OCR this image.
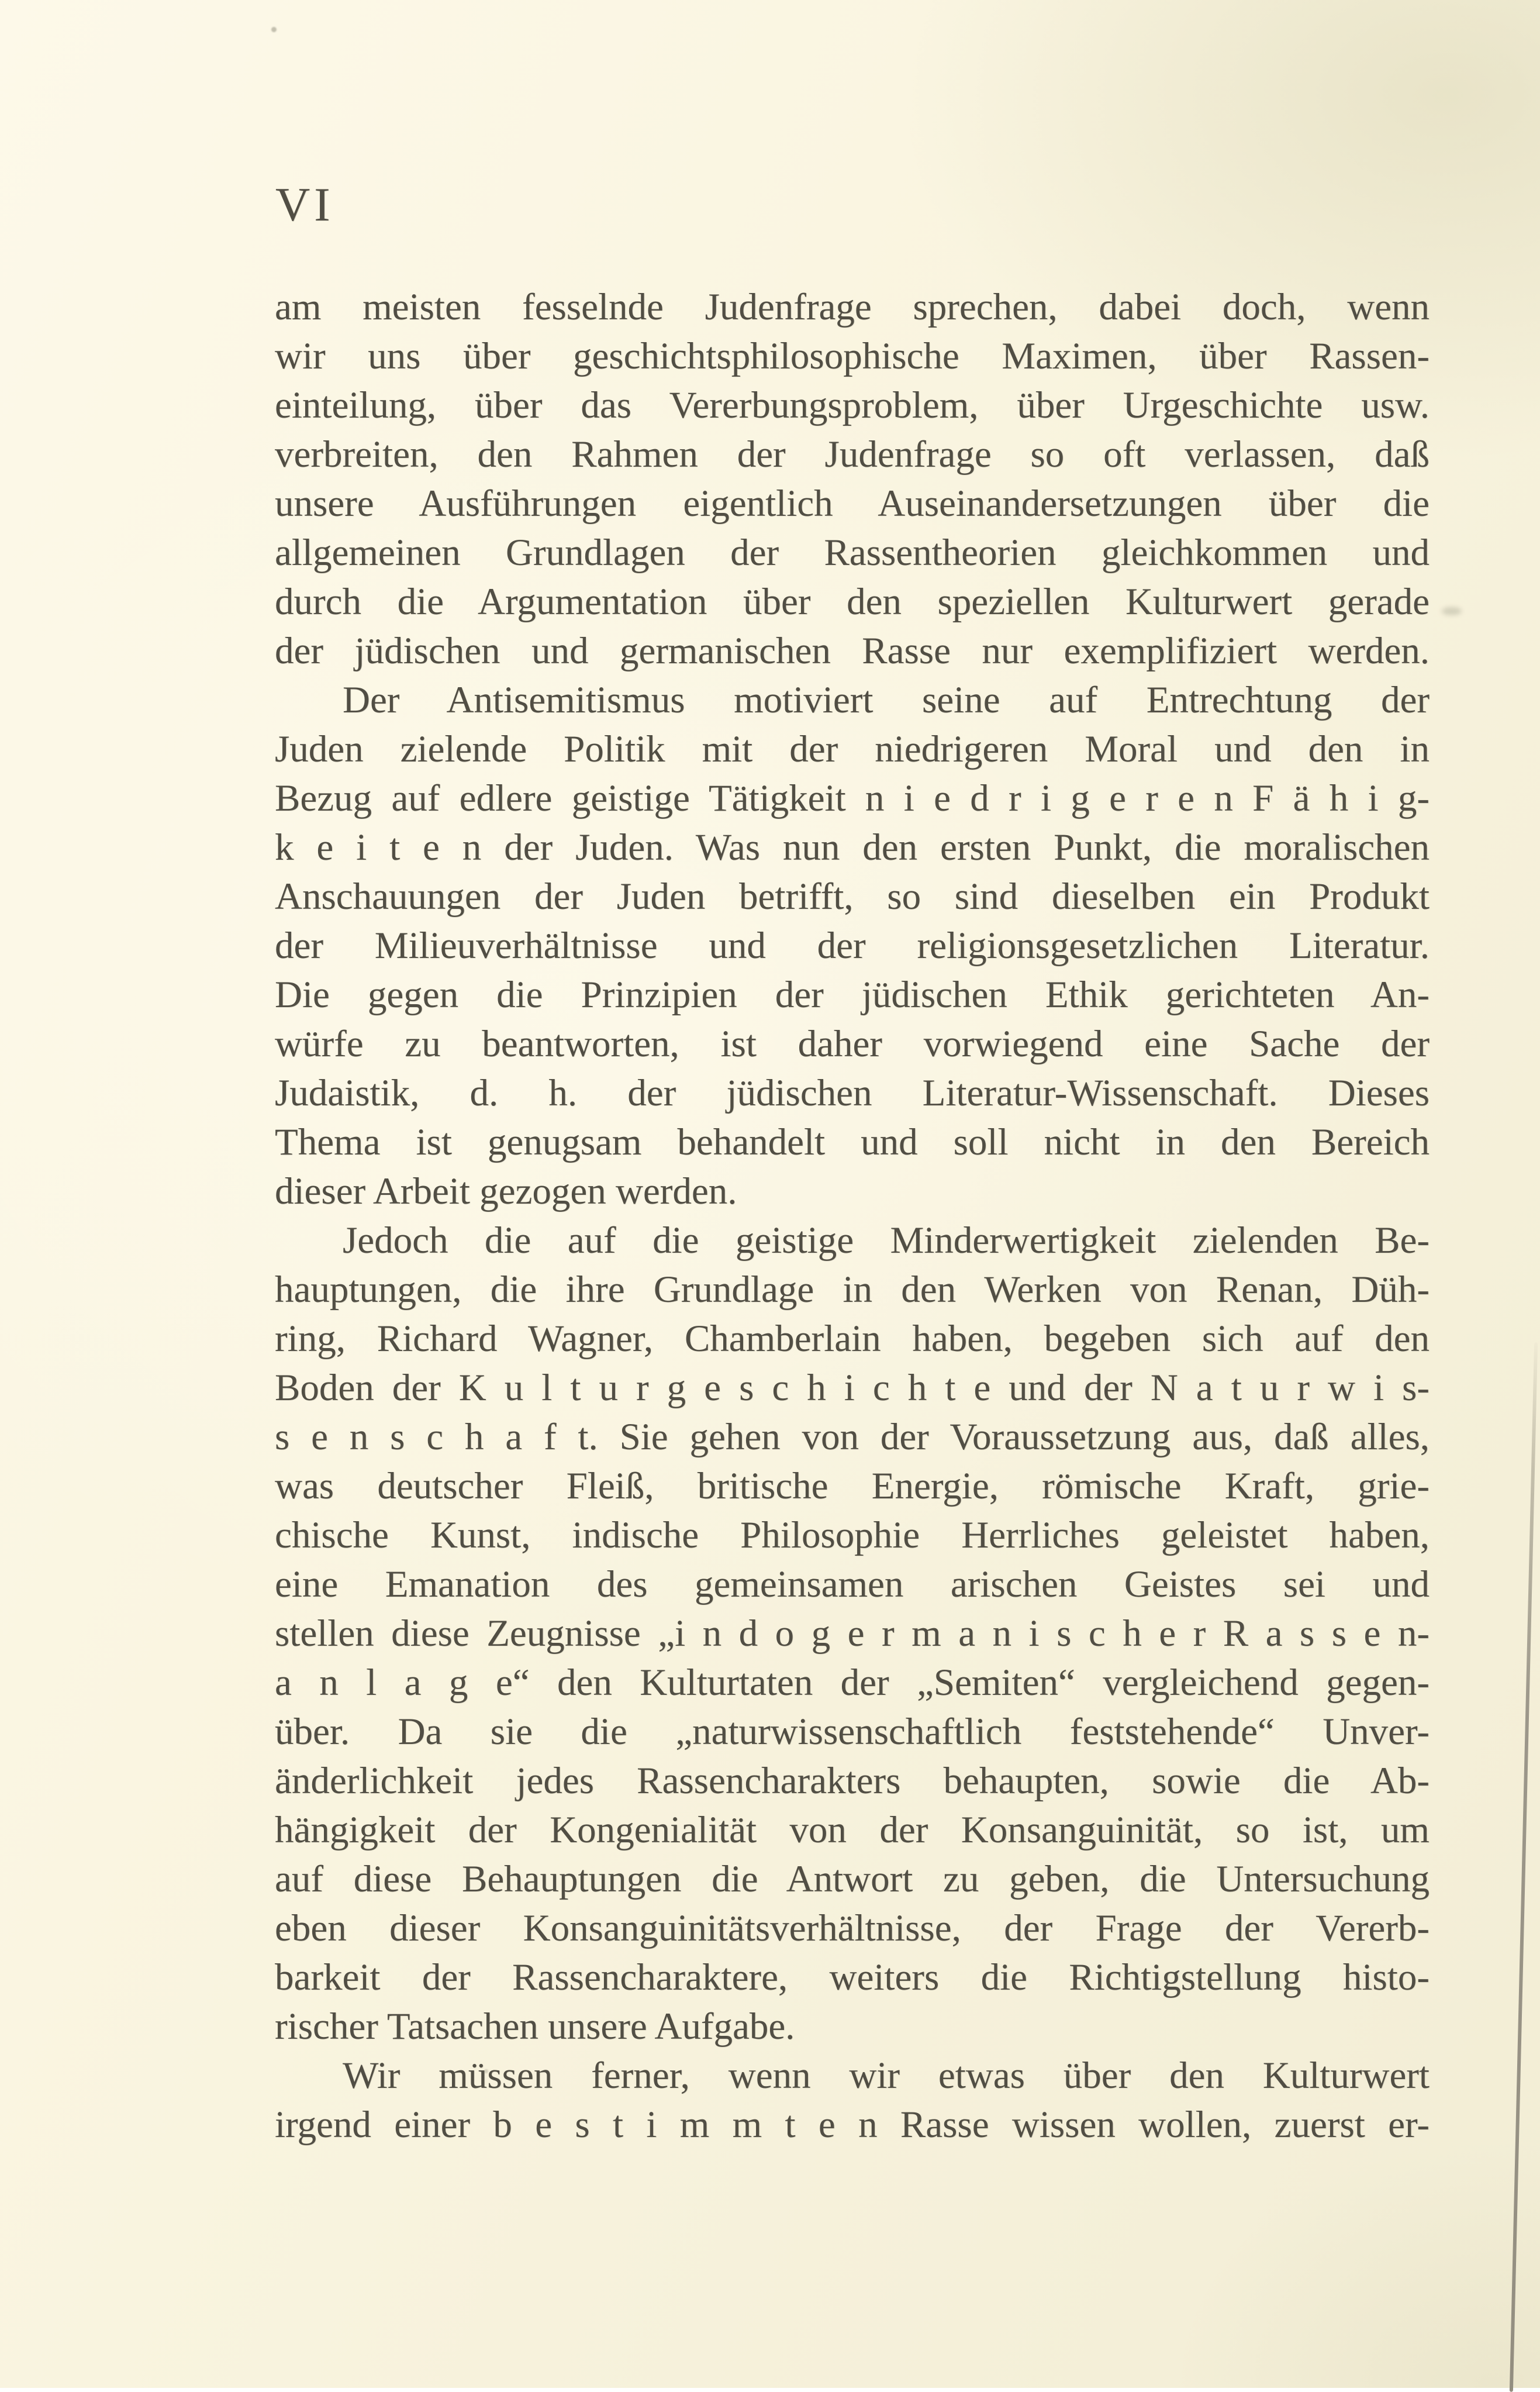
VI
am meisten fesselnde Judenfrage sprechen, dabei doch, wenn
wir uns über geschichtsphilosophische Maximen, über Rassen-
einteilung, über das Vererbungsproblem, über Urgeschichte usw.
verbreiten, den Rahmen der Judenfrage so oft verlassen, daß
unsere Ausführungen eigentlich Auseinandersetzungen über die
allgemeinen Grundlagen der Rassentheorien gleichkommen und
durch die Argumentation über den speziellen Kulturwert gerade
der jüdischen und germanischen Rasse nur exemplifiziert werden.
Der Antisemitismus motiviert seine auf Entrechtung der
Juden zielende Politik mit der niedrigeren Moral und den in
Bezug auf edlere geistige Tätigkeit n i e d r i g e r e n F ä h i g-
k e i t e n der Juden. Was nun den ersten Punkt, die moralischen
Anschauungen der Juden betrifft, so sind dieselben ein Produkt
der Milieuverhältnisse und der religionsgesetzlichen Literatur.
Die gegen die Prinzipien der jüdischen Ethik gerichteten An-
würfe zu beantworten, ist daher vorwiegend eine Sache der
Judaistik, d. h. der jüdischen Literatur-Wissenschaft. Dieses
Thema ist genugsam behandelt und soll nicht in den Bereich
dieser Arbeit gezogen werden.
Jedoch die auf die geistige Minderwertigkeit zielenden Be-
hauptungen, die ihre Grundlage in den Werken von Renan, Düh-
ring, Richard Wagner, Chamberlain haben, begeben sich auf den
Boden der K u l t u r g e s c h i c h t e und der N a t u r w i s-
s e n s c h a f t. Sie gehen von der Voraussetzung aus, daß alles,
was deutscher Fleiß, britische Energie, römische Kraft, grie-
chische Kunst, indische Philosophie Herrliches geleistet haben,
eine Emanation des gemeinsamen arischen Geistes sei und
stellen diese Zeugnisse „i n d o g e r m a n i s c h e r R a s s e n-
a n l a g e“ den Kulturtaten der „Semiten“ vergleichend gegen-
über. Da sie die „naturwissenschaftlich feststehende“ Unver-
änderlichkeit jedes Rassencharakters behaupten, sowie die Ab-
hängigkeit der Kongenialität von der Konsanguinität, so ist, um
auf diese Behauptungen die Antwort zu geben, die Untersuchung
eben dieser Konsanguinitätsverhältnisse, der Frage der Vererb-
barkeit der Rassencharaktere, weiters die Richtigstellung histo-
rischer Tatsachen unsere Aufgabe.
Wir müssen ferner, wenn wir etwas über den Kulturwert
irgend einer b e s t i m m t e n Rasse wissen wollen, zuerst er-
